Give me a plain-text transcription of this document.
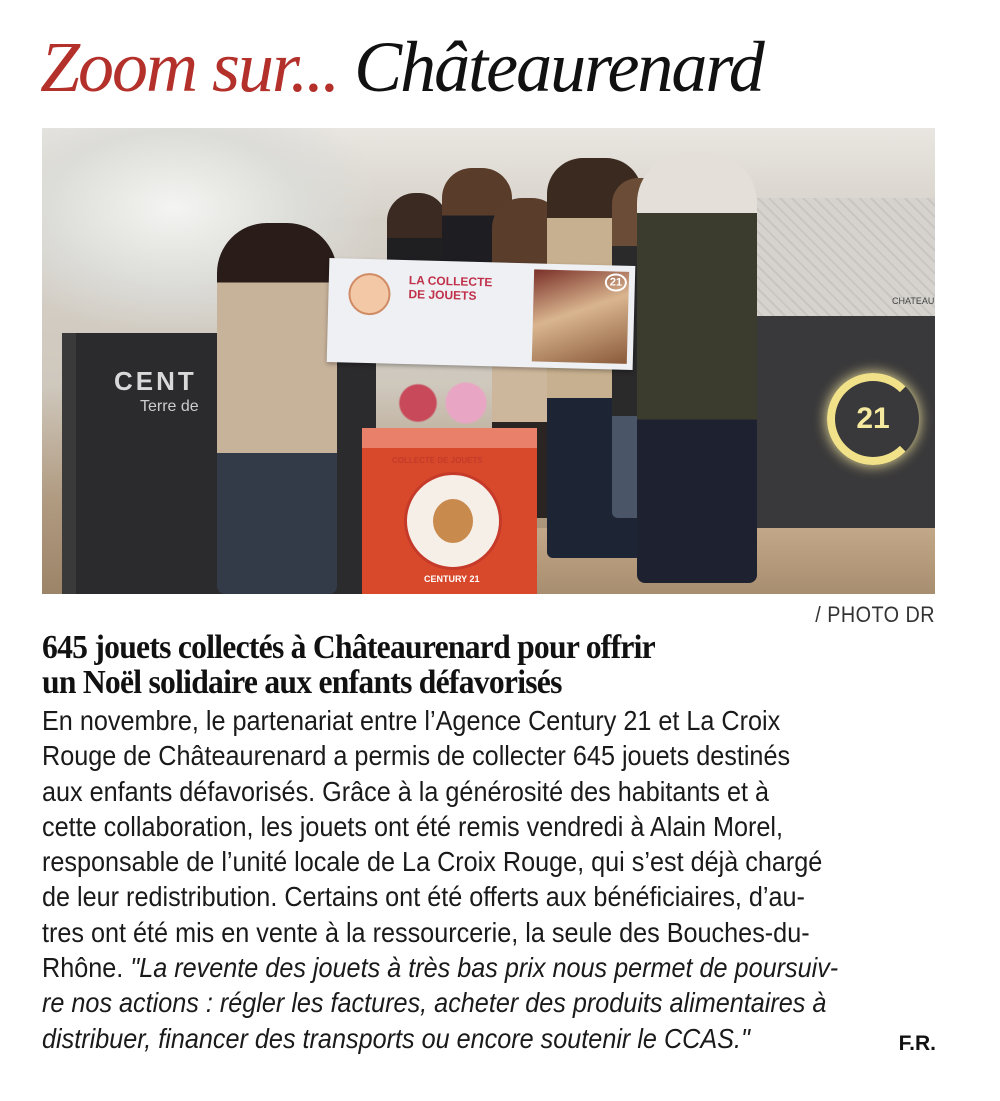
Zoom sur... Châteaurenard
CHATEAU
CENT
Terre de	21
COLLECTE DE JOUETS
CENTURY 21
LA COLLECTE
DE JOUETS
21
/ PHOTO DR
645 jouets collectés à Châteaurenard pour offrir
un Noël solidaire aux enfants défavorisés
En novembre, le partenariat entre l’Agence Century 21 et La Croix
Rouge de Châteaurenard a permis de collecter 645 jouets destinés
aux enfants défavorisés. Grâce à la générosité des habitants et à
cette collaboration, les jouets ont été remis vendredi à Alain Morel,
responsable de l’unité locale de La Croix Rouge, qui s’est déjà chargé
de leur redistribution. Certains ont été offerts aux bénéficiaires, d’au-
tres ont été mis en vente à la ressourcerie, la seule des Bouches-du-
Rhône. "La revente des jouets à très bas prix nous permet de poursuiv-
re nos actions : régler les factures, acheter des produits alimentaires à
distribuer, financer des transports ou encore soutenir le CCAS."	F.R.
